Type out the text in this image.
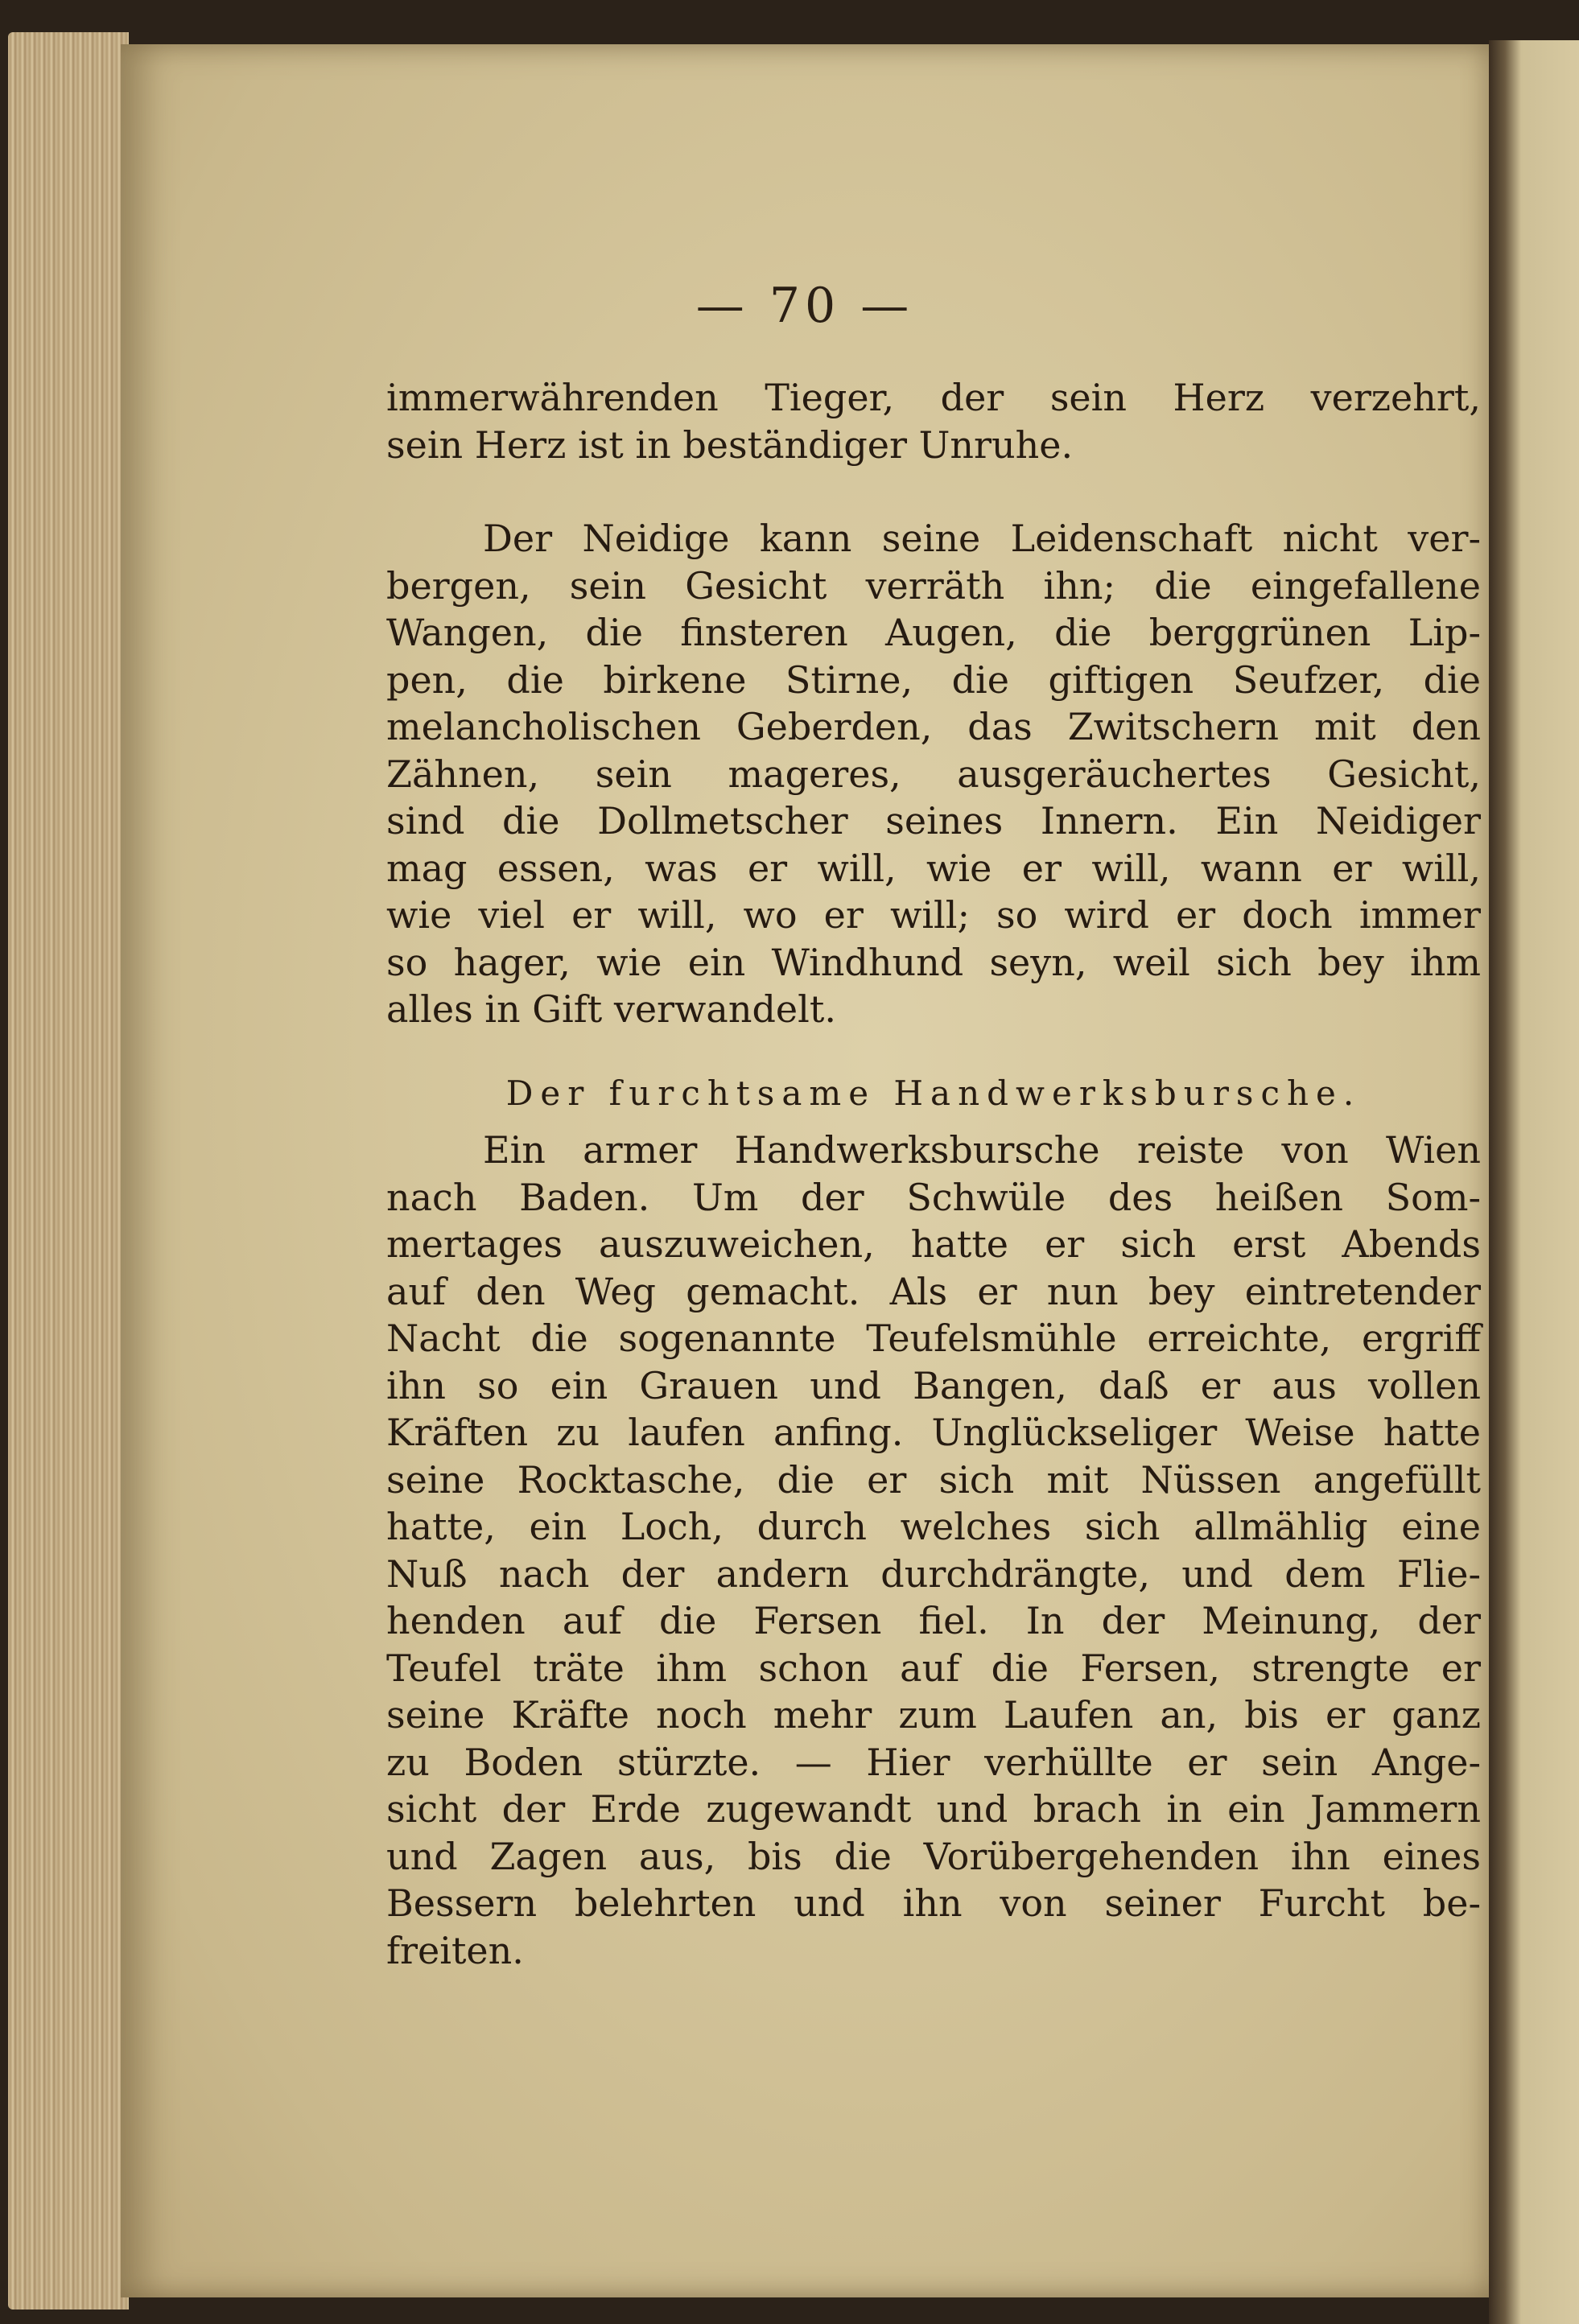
— 70 —
immerwährenden Tieger, der sein Herz verzehrt,
sein Herz ist in beständiger Unruhe.
Der Neidige kann seine Leidenschaft nicht ver-
bergen, sein Gesicht verräth ihn; die eingefallene
Wangen, die finsteren Augen, die berggrünen Lip-
pen, die birkene Stirne, die giftigen Seufzer, die
melancholischen Geberden, das Zwitschern mit den
Zähnen, sein mageres, ausgeräuchertes Gesicht,
sind die Dollmetscher seines Innern. Ein Neidiger
mag essen, was er will, wie er will, wann er will,
wie viel er will, wo er will; so wird er doch immer
so hager, wie ein Windhund seyn, weil sich bey ihm
alles in Gift verwandelt.
Der furchtsame Handwerksbursche.
Ein armer Handwerksbursche reiste von Wien
nach Baden. Um der Schwüle des heißen Som-
mertages auszuweichen, hatte er sich erst Abends
auf den Weg gemacht. Als er nun bey eintretender
Nacht die sogenannte Teufelsmühle erreichte, ergriff
ihn so ein Grauen und Bangen, daß er aus vollen
Kräften zu laufen anfing. Unglückseliger Weise hatte
seine Rocktasche, die er sich mit Nüssen angefüllt
hatte, ein Loch, durch welches sich allmählig eine
Nuß nach der andern durchdrängte, und dem Flie-
henden auf die Fersen fiel. In der Meinung, der
Teufel träte ihm schon auf die Fersen, strengte er
seine Kräfte noch mehr zum Laufen an, bis er ganz
zu Boden stürzte. — Hier verhüllte er sein Ange-
sicht der Erde zugewandt und brach in ein Jammern
und Zagen aus, bis die Vorübergehenden ihn eines
Bessern belehrten und ihn von seiner Furcht be-
freiten.
